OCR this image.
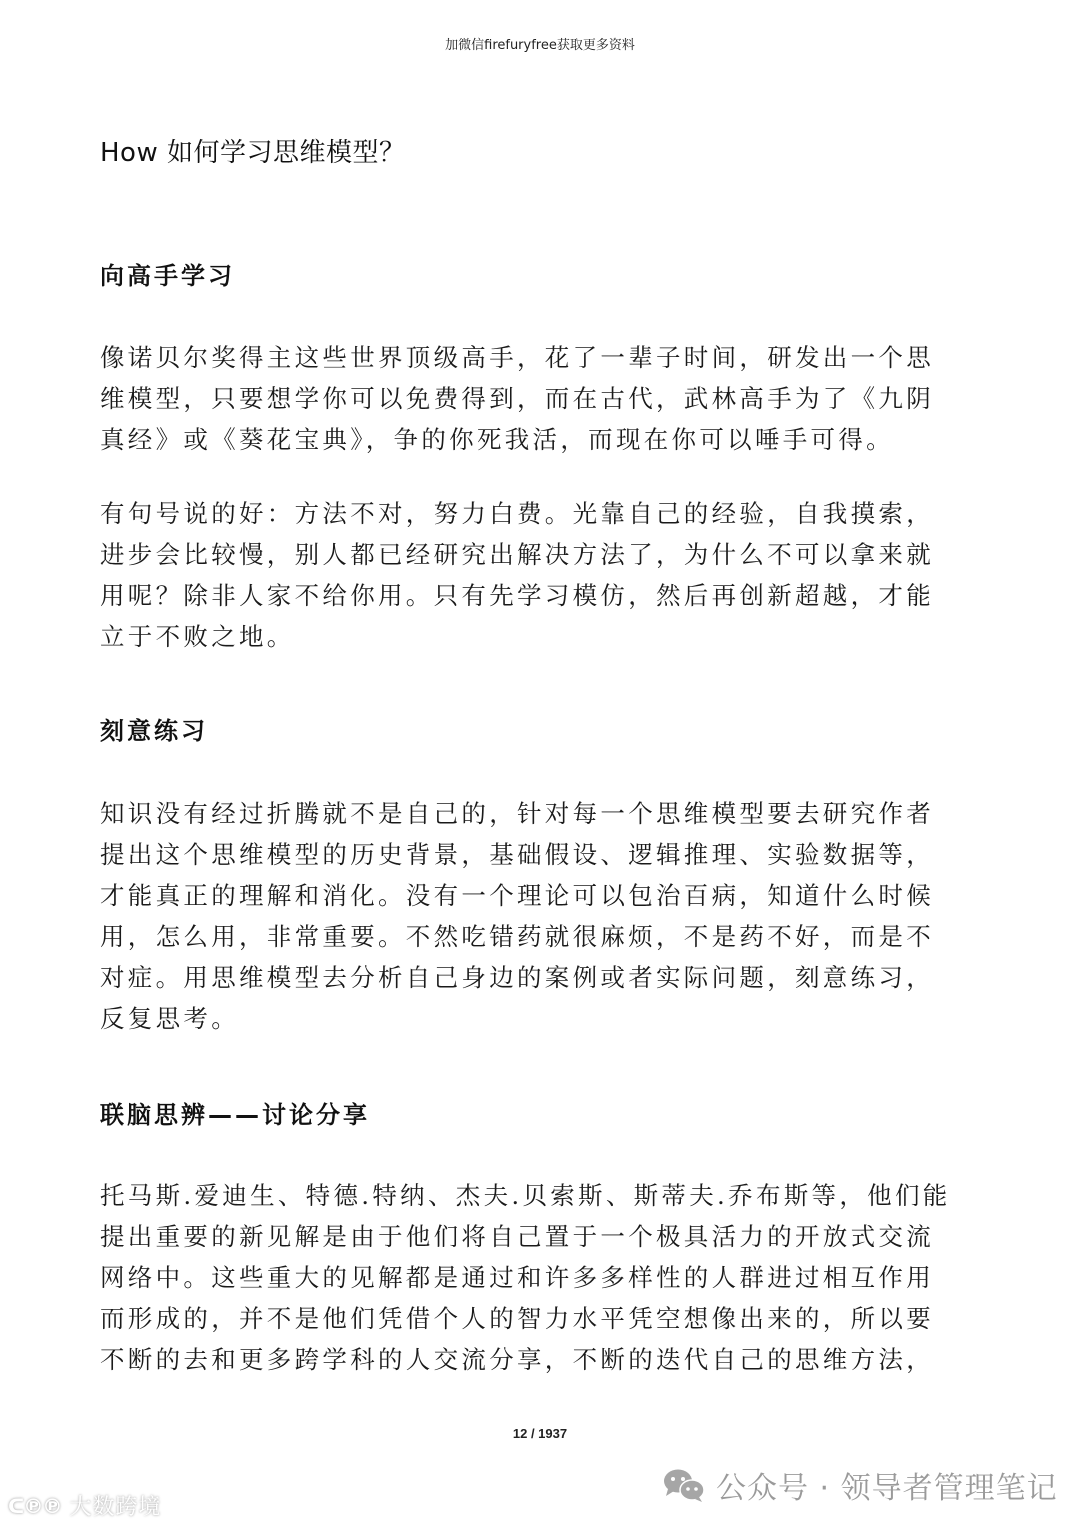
加微信firefuryfree获取更多资料
How 如何学习思维模型？
向高手学习

像诺贝尔奖得主这些世界顶级高手，花了一辈子时间，研发出一个思
维模型，只要想学你可以免费得到，而在古代，武林高手为了《九阴
真经》或《葵花宝典》，争的你死我活，而现在你可以唾手可得。

有句号说的好：方法不对，努力白费。光靠自己的经验，自我摸索，
进步会比较慢，别人都已经研究出解决方法了，为什么不可以拿来就
用呢？除非人家不给你用。只有先学习模仿，然后再创新超越，才能
立于不败之地。

刻意练习

知识没有经过折腾就不是自己的，针对每一个思维模型要去研究作者
提出这个思维模型的历史背景，基础假设、逻辑推理、实验数据等，
才能真正的理解和消化。没有一个理论可以包治百病，知道什么时候
用，怎么用，非常重要。不然吃错药就很麻烦，不是药不好，而是不
对症。用思维模型去分析自己身边的案例或者实际问题，刻意练习，
反复思考。

联脑思辨——讨论分享

托马斯.爱迪生、特德.特纳、杰夫.贝索斯、斯蒂夫.乔布斯等，他们能
提出重要的新见解是由于他们将自己置于一个极具活力的开放式交流
网络中。这些重大的见解都是通过和许多多样性的人群进过相互作用
而形成的，并不是他们凭借个人的智力水平凭空想像出来的，所以要
不断的去和更多跨学科的人交流分享，不断的迭代自己的思维方法，

12 / 1937
公众号 · 领导者管理笔记
ᑕ℗℗ 大数跨境
